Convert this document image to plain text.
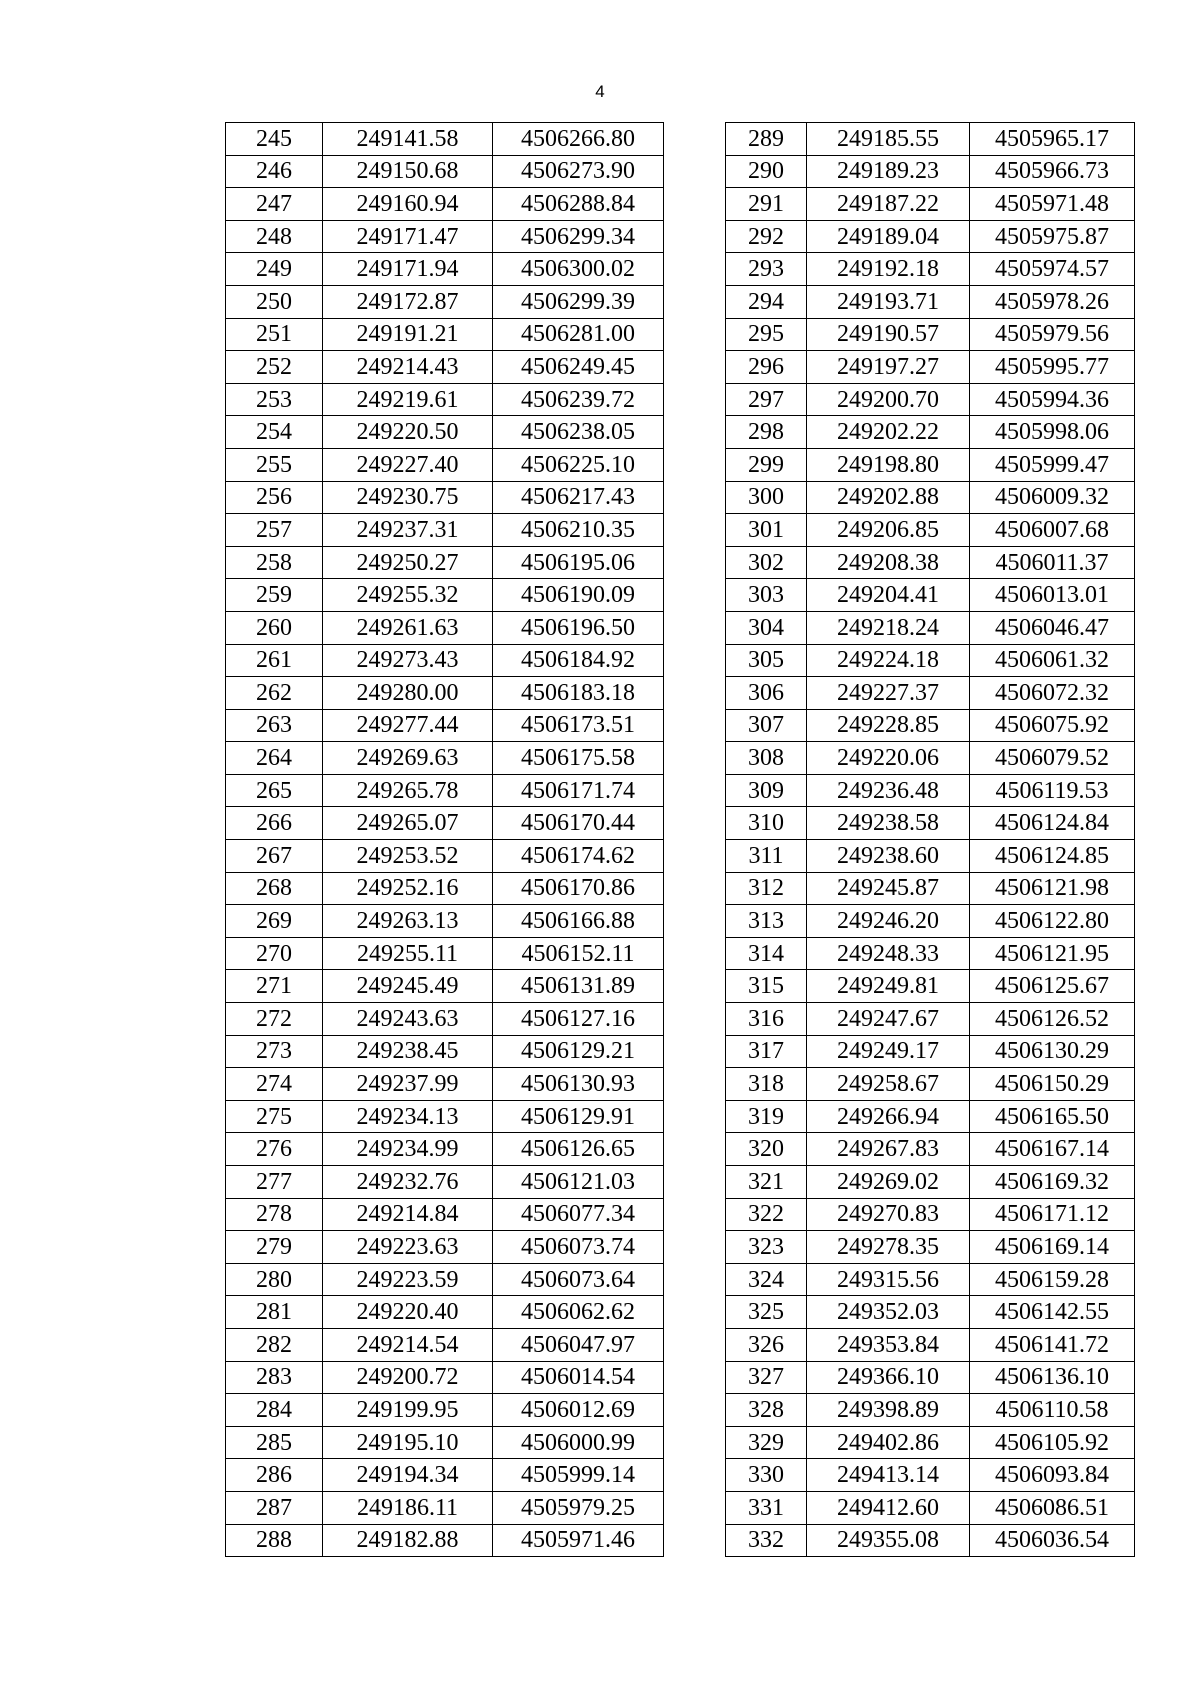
4
245	249141.58	4506266.80
246	249150.68	4506273.90
247	249160.94	4506288.84
248	249171.47	4506299.34
249	249171.94	4506300.02
250	249172.87	4506299.39
251	249191.21	4506281.00
252	249214.43	4506249.45
253	249219.61	4506239.72
254	249220.50	4506238.05
255	249227.40	4506225.10
256	249230.75	4506217.43
257	249237.31	4506210.35
258	249250.27	4506195.06
259	249255.32	4506190.09
260	249261.63	4506196.50
261	249273.43	4506184.92
262	249280.00	4506183.18
263	249277.44	4506173.51
264	249269.63	4506175.58
265	249265.78	4506171.74
266	249265.07	4506170.44
267	249253.52	4506174.62
268	249252.16	4506170.86
269	249263.13	4506166.88
270	249255.11	4506152.11
271	249245.49	4506131.89
272	249243.63	4506127.16
273	249238.45	4506129.21
274	249237.99	4506130.93
275	249234.13	4506129.91
276	249234.99	4506126.65
277	249232.76	4506121.03
278	249214.84	4506077.34
279	249223.63	4506073.74
280	249223.59	4506073.64
281	249220.40	4506062.62
282	249214.54	4506047.97
283	249200.72	4506014.54
284	249199.95	4506012.69
285	249195.10	4506000.99
286	249194.34	4505999.14
287	249186.11	4505979.25
288	249182.88	4505971.46
289	249185.55	4505965.17
290	249189.23	4505966.73
291	249187.22	4505971.48
292	249189.04	4505975.87
293	249192.18	4505974.57
294	249193.71	4505978.26
295	249190.57	4505979.56
296	249197.27	4505995.77
297	249200.70	4505994.36
298	249202.22	4505998.06
299	249198.80	4505999.47
300	249202.88	4506009.32
301	249206.85	4506007.68
302	249208.38	4506011.37
303	249204.41	4506013.01
304	249218.24	4506046.47
305	249224.18	4506061.32
306	249227.37	4506072.32
307	249228.85	4506075.92
308	249220.06	4506079.52
309	249236.48	4506119.53
310	249238.58	4506124.84
311	249238.60	4506124.85
312	249245.87	4506121.98
313	249246.20	4506122.80
314	249248.33	4506121.95
315	249249.81	4506125.67
316	249247.67	4506126.52
317	249249.17	4506130.29
318	249258.67	4506150.29
319	249266.94	4506165.50
320	249267.83	4506167.14
321	249269.02	4506169.32
322	249270.83	4506171.12
323	249278.35	4506169.14
324	249315.56	4506159.28
325	249352.03	4506142.55
326	249353.84	4506141.72
327	249366.10	4506136.10
328	249398.89	4506110.58
329	249402.86	4506105.92
330	249413.14	4506093.84
331	249412.60	4506086.51
332	249355.08	4506036.54
